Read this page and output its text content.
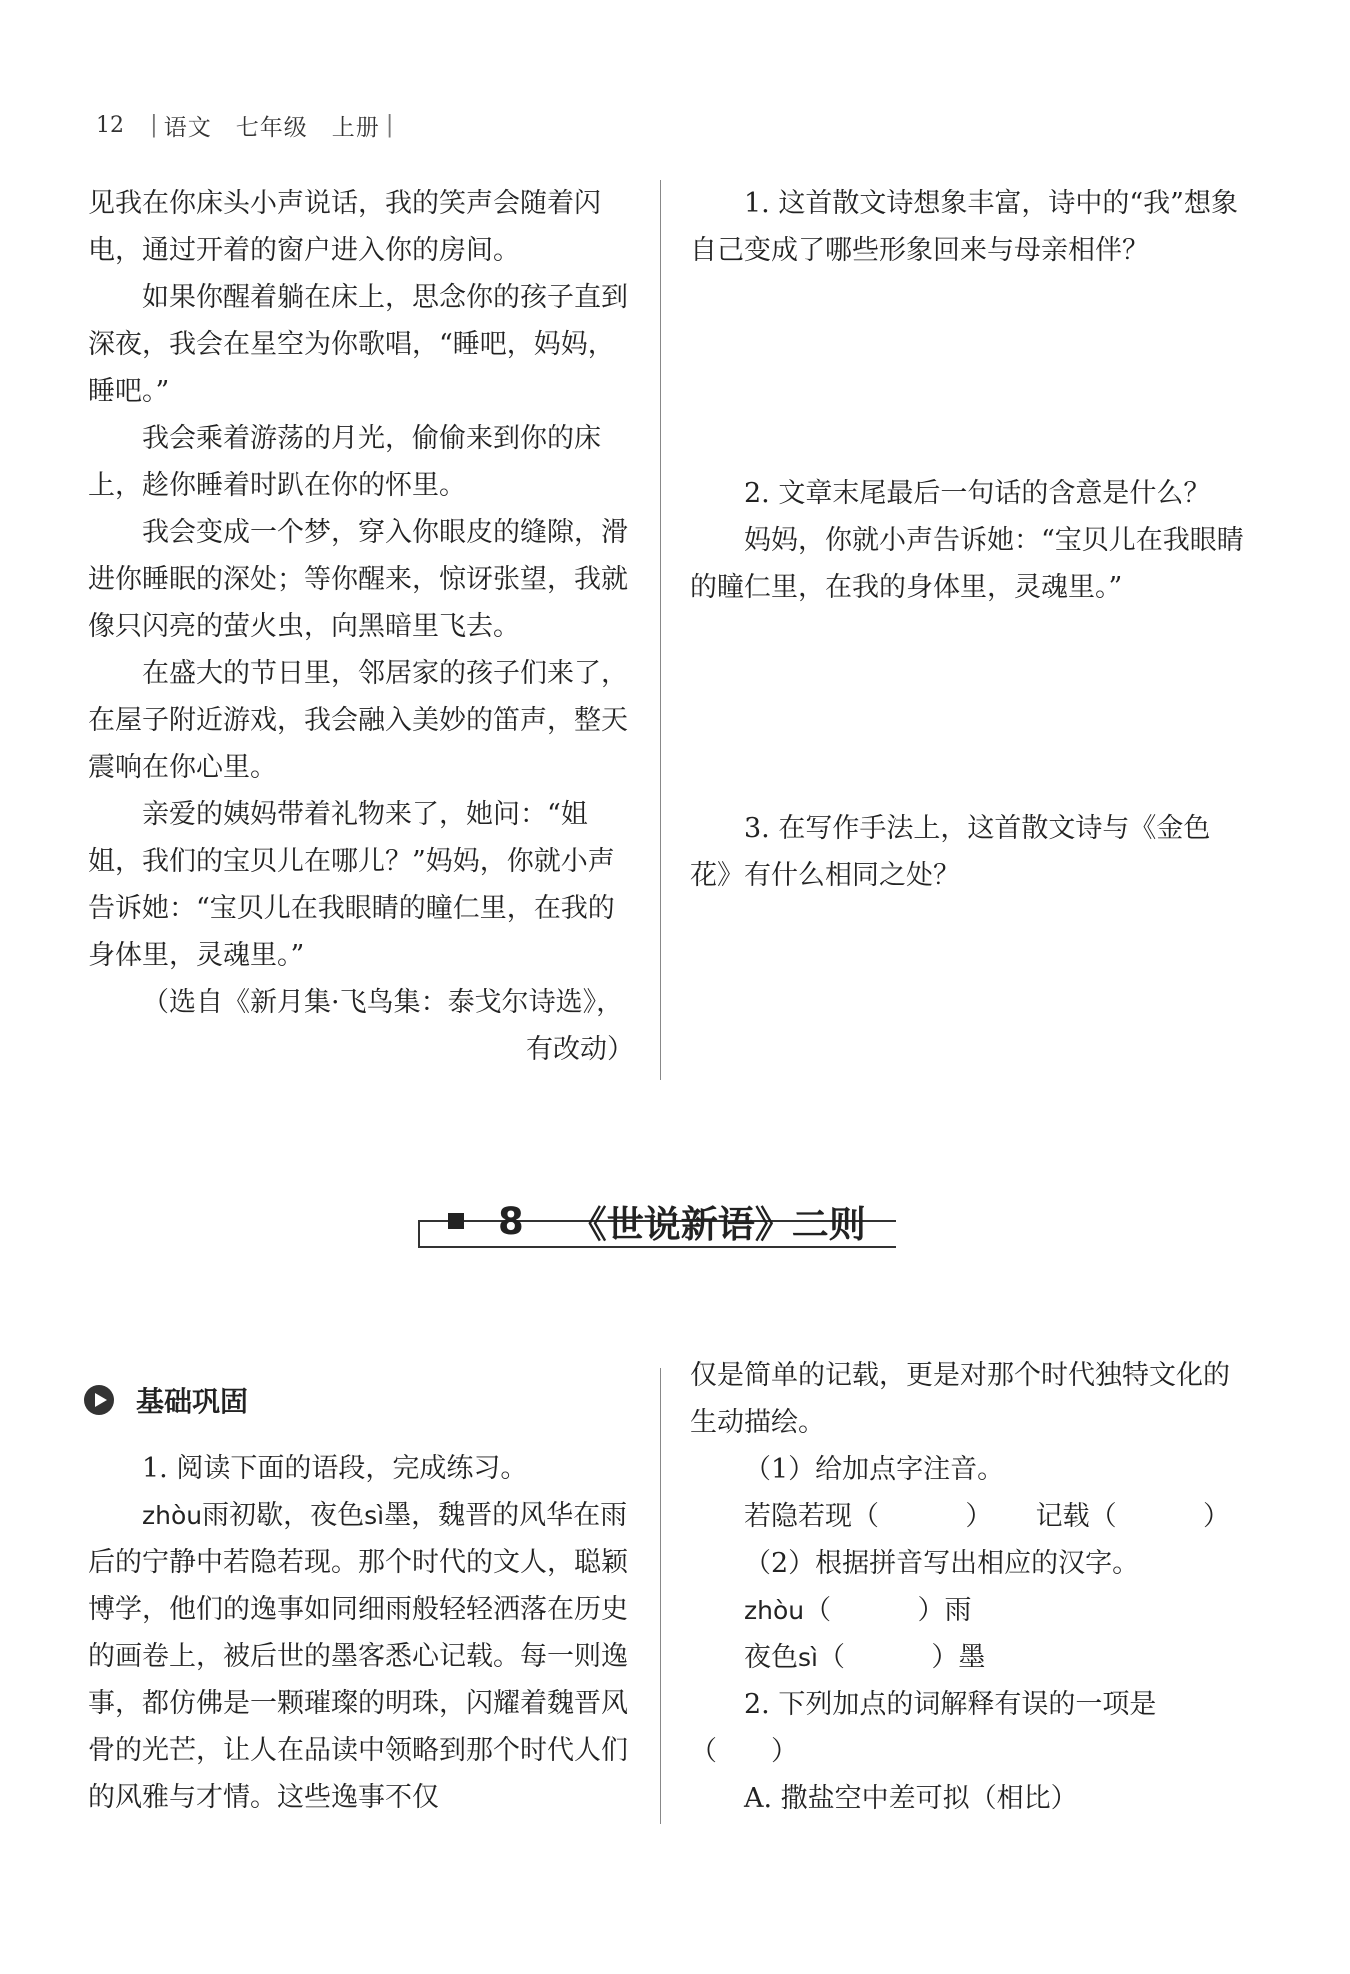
12 | 语文　七年级　上册 |

见我在你床头小声说话，我的笑声会随着闪电，通过开着的窗户进入你的房间。

如果你醒着躺在床上，思念你的孩子直到深夜，我会在星空为你歌唱，“睡吧，妈妈，睡吧。”

我会乘着游荡的月光，偷偷来到你的床上，趁你睡着时趴在你的怀里。

我会变成一个梦，穿入你眼皮的缝隙，滑进你睡眠的深处；等你醒来，惊讶张望，我就像只闪亮的萤火虫，向黑暗里飞去。

在盛大的节日里，邻居家的孩子们来了，在屋子附近游戏，我会融入美妙的笛声，整天震响在你心里。

亲爱的姨妈带着礼物来了，她问：“姐姐，我们的宝贝儿在哪儿？”妈妈，你就小声告诉她：“宝贝儿在我眼睛的瞳仁里，在我的身体里，灵魂里。”

（选自《新月集·飞鸟集：泰戈尔诗选》，

有改动）

1. 这首散文诗想象丰富，诗中的“我”想象自己变成了哪些形象回来与母亲相伴？

2. 文章末尾最后一句话的含意是什么？

妈妈，你就小声告诉她：“宝贝儿在我眼睛的瞳仁里，在我的身体里，灵魂里。”

3. 在写作手法上，这首散文诗与《金色花》有什么相同之处？

8 《世说新语》二则
基础巩固

1. 阅读下面的语段，完成练习。

zhòu雨初歇，夜色sì墨，魏晋的风华在雨后的宁静中若隐若现。那个时代的文人，聪颖博学，他们的逸事如同细雨般轻轻洒落在历史的画卷上，被后世的墨客悉心记载。每一则逸事，都仿佛是一颗璀璨的明珠，闪耀着魏晋风骨的光芒，让人在品读中领略到那个时代人们的风雅与才情。这些逸事不仅

仅是简单的记载，更是对那个时代独特文化的生动描绘。

（1）给加点字注音。

若隐若现（	） 记载（	）

（2）根据拼音写出相应的汉字。

zhòu（	）雨

夜色sì（	）墨

2. 下列加点的词解释有误的一项是

（　　）

A. 撒盐空中差可拟（相比）
